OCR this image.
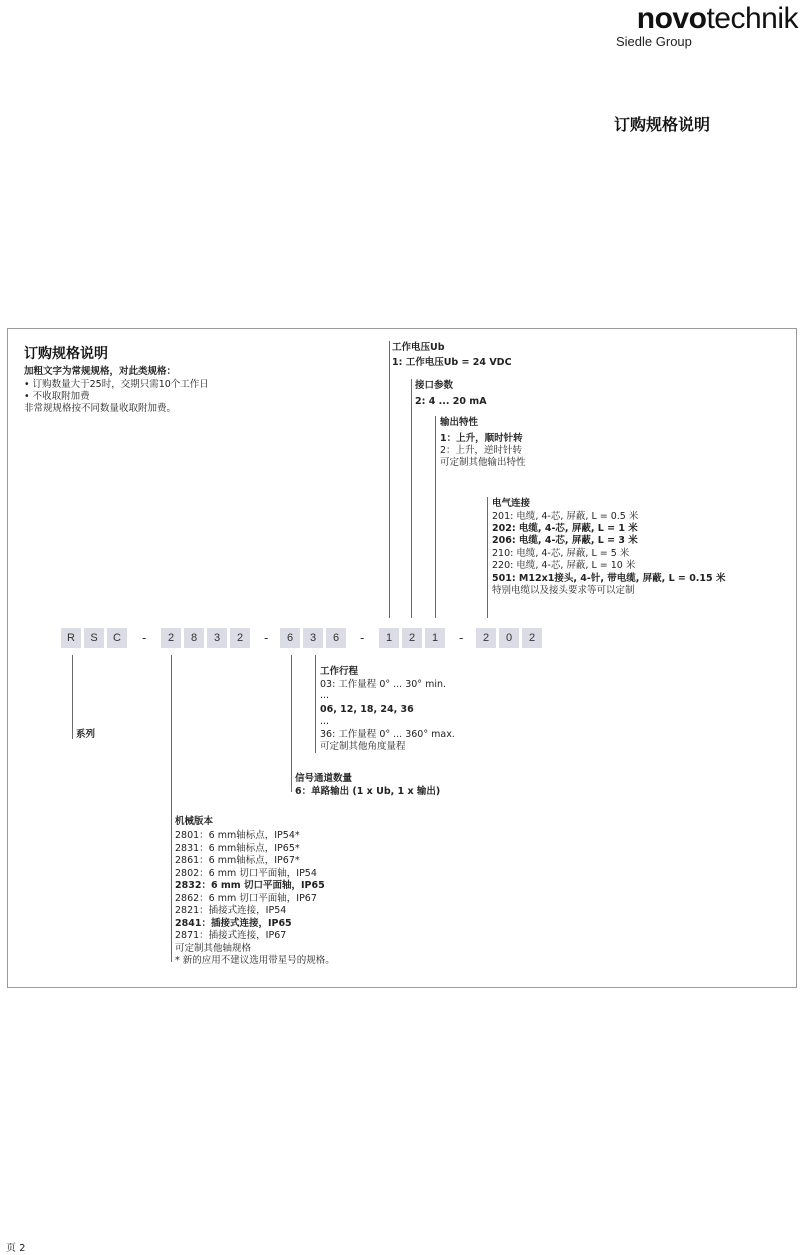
novotechnik
Siedle Group
订购规格说明
订购规格说明
加粗文字为常规规格，对此类规格：
• 订购数量大于25时，交期只需10个工作日
• 不收取附加费
非常规规格按不同数量收取附加费。
工作电压Ub
1: 工作电压Ub = 24 VDC
接口参数
2: 4 ... 20 mA
输出特性
1：上升，顺时针转
2：上升，逆时针转
可定制其他输出特性
电气连接
201: 电缆, 4-芯, 屏蔽, L = 0.5 米
202: 电缆, 4-芯, 屏蔽, L = 1 米
206: 电缆, 4-芯, 屏蔽, L = 3 米
210: 电缆, 4-芯, 屏蔽, L = 5 米
220: 电缆, 4-芯, 屏蔽, L = 10 米
501: M12x1接头, 4-针, 带电缆, 屏蔽, L = 0.15 米
特别电缆以及接头要求等可以定制
R	S	C	-	2	8	3	2	-	6	3	6	-	1	2	1	-	2	0	2
工作行程
03: 工作量程 0° ... 30° min.
...
06, 12, 18, 24, 36
...
36: 工作量程 0° ... 360° max.
可定制其他角度量程
系列
信号通道数量
6：单路输出 (1 x Ub, 1 x 输出)
机械版本
2801：6 mm轴标点，IP54*
2831：6 mm轴标点，IP65*
2861：6 mm轴标点，IP67*
2802：6 mm 切口平面轴，IP54
2832：6 mm 切口平面轴，IP65
2862：6 mm 切口平面轴，IP67
2821：插接式连接，IP54
2841：插接式连接，IP65
2871：插接式连接，IP67
可定制其他轴规格
* 新的应用不建议选用带星号的规格。
页 2
